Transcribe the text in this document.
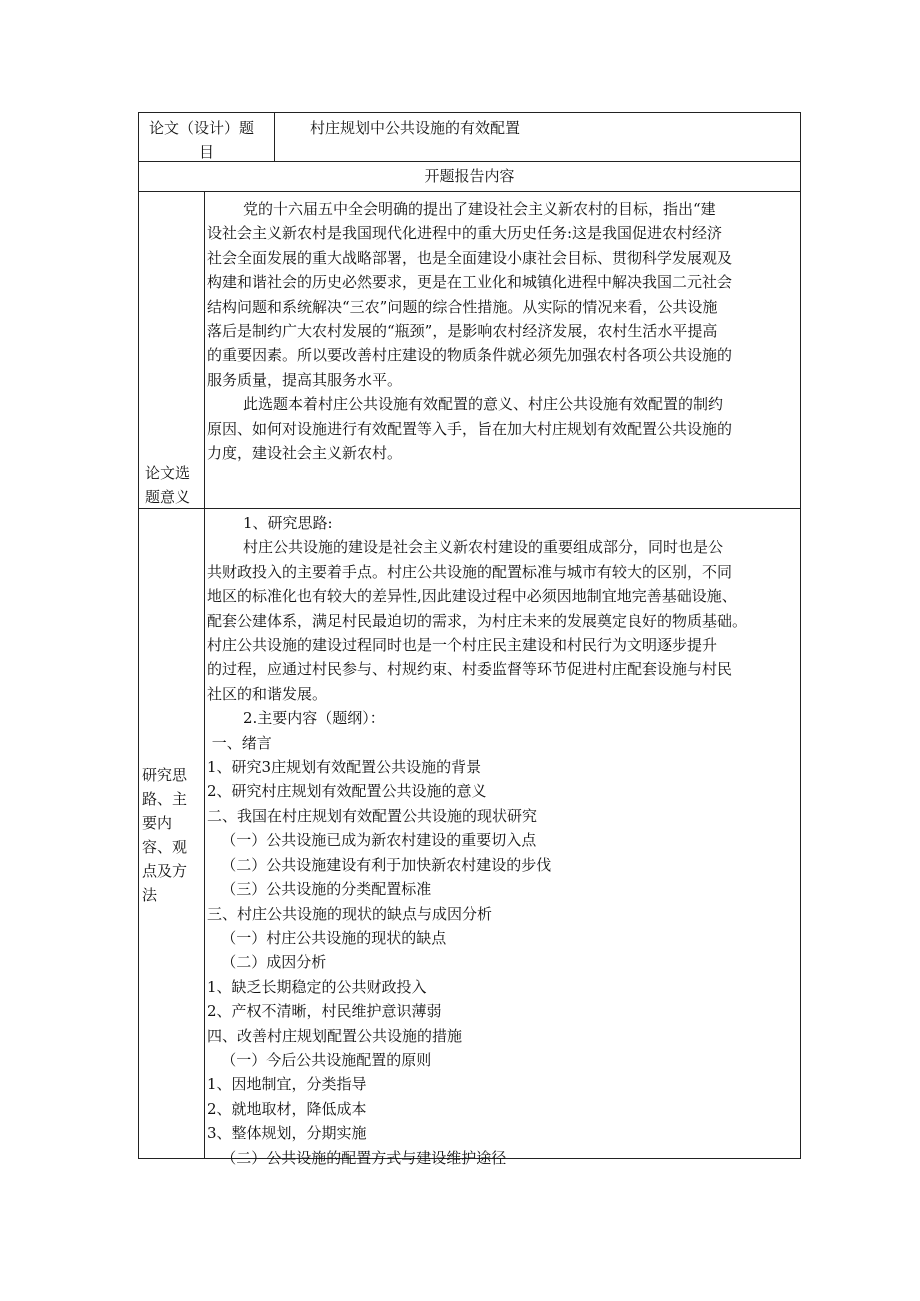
论文（设计）题
目
村庄规划中公共设施的有效配置
开题报告内容
论文选
题意义
党的十六届五中全会明确的提出了建设社会主义新农村的目标，指出“建
设社会主义新农村是我国现代化进程中的重大历史任务:这是我国促进农村经济
社会全面发展的重大战略部署，也是全面建设小康社会目标、贯彻科学发展观及
构建和谐社会的历史必然要求，更是在工业化和城镇化进程中解决我国二元社会
结构问题和系统解决“三农”问题的综合性措施。从实际的情况来看，公共设施
落后是制约广大农村发展的“瓶颈”，是影响农村经济发展，农村生活水平提高
的重要因素。所以要改善村庄建设的物质条件就必须先加强农村各项公共设施的
服务质量，提高其服务水平。
此选题本着村庄公共设施有效配置的意义、村庄公共设施有效配置的制约
原因、如何对设施进行有效配置等入手，旨在加大村庄规划有效配置公共设施的
力度，建设社会主义新农村。
研究思
路、主
要内
容、观
点及方
法
1、研究思路:
村庄公共设施的建设是社会主义新农村建设的重要组成部分，同时也是公
共财政投入的主要着手点。村庄公共设施的配置标准与城市有较大的区别，不同
地区的标准化也有较大的差异性,因此建设过程中必须因地制宜地完善基础设施、
配套公建体系，满足村民最迫切的需求，为村庄未来的发展奠定良好的物质基础。
村庄公共设施的建设过程同时也是一个村庄民主建设和村民行为文明逐步提升
的过程，应通过村民参与、村规约束、村委监督等环节促进村庄配套设施与村民
社区的和谐发展。
2.主要内容（题纲）：
一、绪言
1、研究3庄规划有效配置公共设施的背景
2、研究村庄规划有效配置公共设施的意义
二、我国在村庄规划有效配置公共设施的现状研究
（一）公共设施已成为新农村建设的重要切入点
（二）公共设施建设有利于加快新农村建设的步伐
（三）公共设施的分类配置标准
三、村庄公共设施的现状的缺点与成因分析
（一）村庄公共设施的现状的缺点
（二）成因分析
1、缺乏长期稳定的公共财政投入
2、产权不清晰，村民维护意识薄弱
四、改善村庄规划配置公共设施的措施
（一）今后公共设施配置的原则
1、因地制宜，分类指导
2、就地取材，降低成本
3、整体规划，分期实施
（二）公共设施的配置方式与建设维护途径
